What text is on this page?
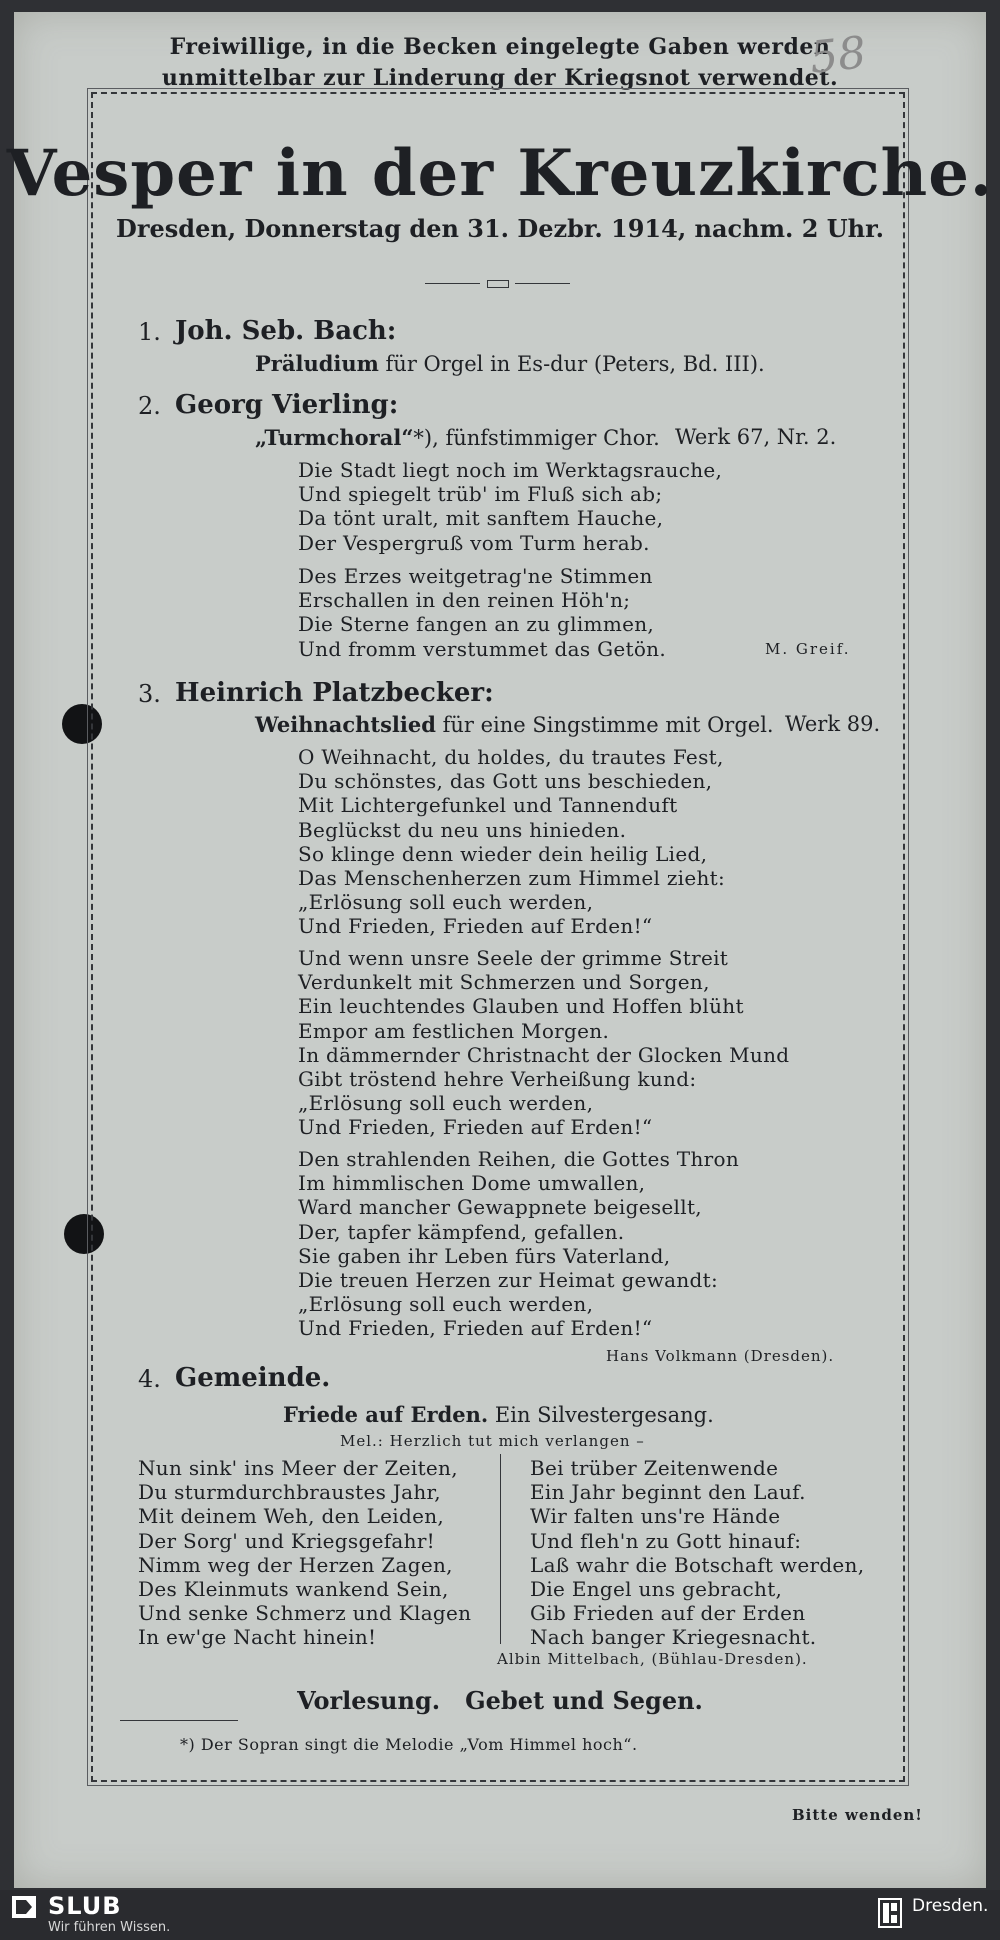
Freiwillige, in die Becken eingelegte Gaben werden
unmittelbar zur Linderung der Kriegsnot verwendet.
58
Vesper in der Kreuzkirche.
Dresden, Donnerstag den 31. Dezbr. 1914, nachm. 2 Uhr.
1. Joh. Seb. Bach:
Präludium für Orgel in Es-dur (Peters, Bd. III).
2. Georg Vierling:
„Turmchoral“*), fünfstimmiger Chor. Werk 67, Nr. 2.
Die Stadt liegt noch im Werktagsrauche,
Und spiegelt trüb' im Fluß sich ab;
Da tönt uralt, mit sanftem Hauche,
Der Vespergruß vom Turm herab.
Des Erzes weitgetrag'ne Stimmen
Erschallen in den reinen Höh'n;
Die Sterne fangen an zu glimmen,
Und fromm verstummet das Getön.	M. Greif.
3. Heinrich Platzbecker:
Weihnachtslied für eine Singstimme mit Orgel. Werk 89.
O Weihnacht, du holdes, du trautes Fest,
Du schönstes, das Gott uns beschieden,
Mit Lichtergefunkel und Tannenduft
Beglückst du neu uns hinieden.
So klinge denn wieder dein heilig Lied,
Das Menschenherzen zum Himmel zieht:
„Erlösung soll euch werden,
Und Frieden, Frieden auf Erden!“
Und wenn unsre Seele der grimme Streit
Verdunkelt mit Schmerzen und Sorgen,
Ein leuchtendes Glauben und Hoffen blüht
Empor am festlichen Morgen.
In dämmernder Christnacht der Glocken Mund
Gibt tröstend hehre Verheißung kund:
„Erlösung soll euch werden,
Und Frieden, Frieden auf Erden!“
Den strahlenden Reihen, die Gottes Thron
Im himmlischen Dome umwallen,
Ward mancher Gewappnete beigesellt,
Der, tapfer kämpfend, gefallen.
Sie gaben ihr Leben fürs Vaterland,
Die treuen Herzen zur Heimat gewandt:
„Erlösung soll euch werden,
Und Frieden, Frieden auf Erden!“
Hans Volkmann (Dresden).
4. Gemeinde.
Friede auf Erden. Ein Silvestergesang.
Mel.: Herzlich tut mich verlangen –
Nun sink' ins Meer der Zeiten,
Du sturmdurchbraustes Jahr,
Mit deinem Weh, den Leiden,
Der Sorg' und Kriegsgefahr!
Nimm weg der Herzen Zagen,
Des Kleinmuts wankend Sein,
Und senke Schmerz und Klagen
In ew'ge Nacht hinein!
Bei trüber Zeitenwende
Ein Jahr beginnt den Lauf.
Wir falten uns're Hände
Und fleh'n zu Gott hinauf:
Laß wahr die Botschaft werden,
Die Engel uns gebracht,
Gib Frieden auf der Erden
Nach banger Kriegesnacht.
Albin Mittelbach, (Bühlau-Dresden).
Vorlesung.   Gebet und Segen.
*) Der Sopran singt die Melodie „Vom Himmel hoch“.
Bitte wenden!
SLUB
Wir führen Wissen.
Dresden.
